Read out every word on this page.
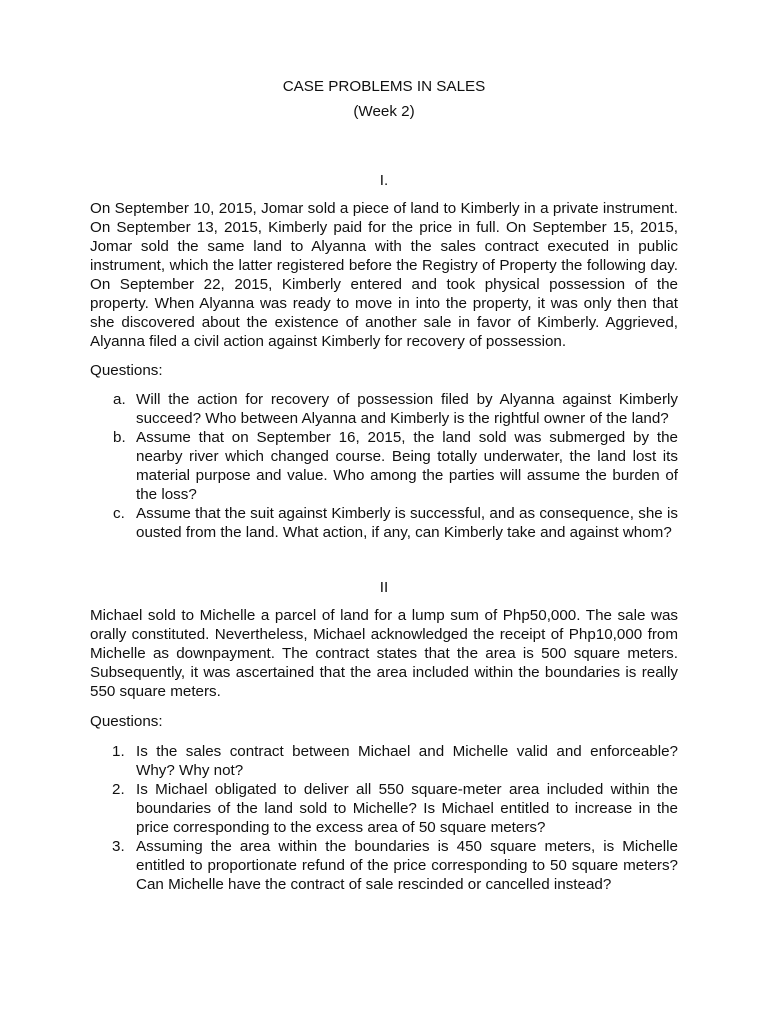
CASE PROBLEMS IN SALES

(Week 2)

I.

On September 10, 2015, Jomar sold a piece of land to Kimberly in a private instrument. On September 13, 2015, Kimberly paid for the price in full. On September 15, 2015, Jomar sold the same land to Alyanna with the sales contract executed in public instrument, which the latter registered before the Registry of Property the following day. On September 22, 2015, Kimberly entered and took physical possession of the property. When Alyanna was ready to move in into the property, it was only then that she discovered about the existence of another sale in favor of Kimberly. Aggrieved, Alyanna filed a civil action against Kimberly for recovery of possession.

Questions:

a. Will the action for recovery of possession filed by Alyanna against Kimberly succeed? Who between Alyanna and Kimberly is the rightful owner of the land?
b. Assume that on September 16, 2015, the land sold was submerged by the nearby river which changed course. Being totally underwater, the land lost its material purpose and value. Who among the parties will assume the burden of the loss?
c. Assume that the suit against Kimberly is successful, and as consequence, she is ousted from the land. What action, if any, can Kimberly take and against whom?

II

Michael sold to Michelle a parcel of land for a lump sum of Php50,000. The sale was orally constituted. Nevertheless, Michael acknowledged the receipt of Php10,000 from Michelle as downpayment. The contract states that the area is 500 square meters. Subsequently, it was ascertained that the area included within the boundaries is really 550 square meters.

Questions:

1. Is the sales contract between Michael and Michelle valid and enforceable? Why? Why not?
2. Is Michael obligated to deliver all 550 square-meter area included within the boundaries of the land sold to Michelle? Is Michael entitled to increase in the price corresponding to the excess area of 50 square meters?
3. Assuming the area within the boundaries is 450 square meters, is Michelle entitled to proportionate refund of the price corresponding to 50 square meters? Can Michelle have the contract of sale rescinded or cancelled instead?
